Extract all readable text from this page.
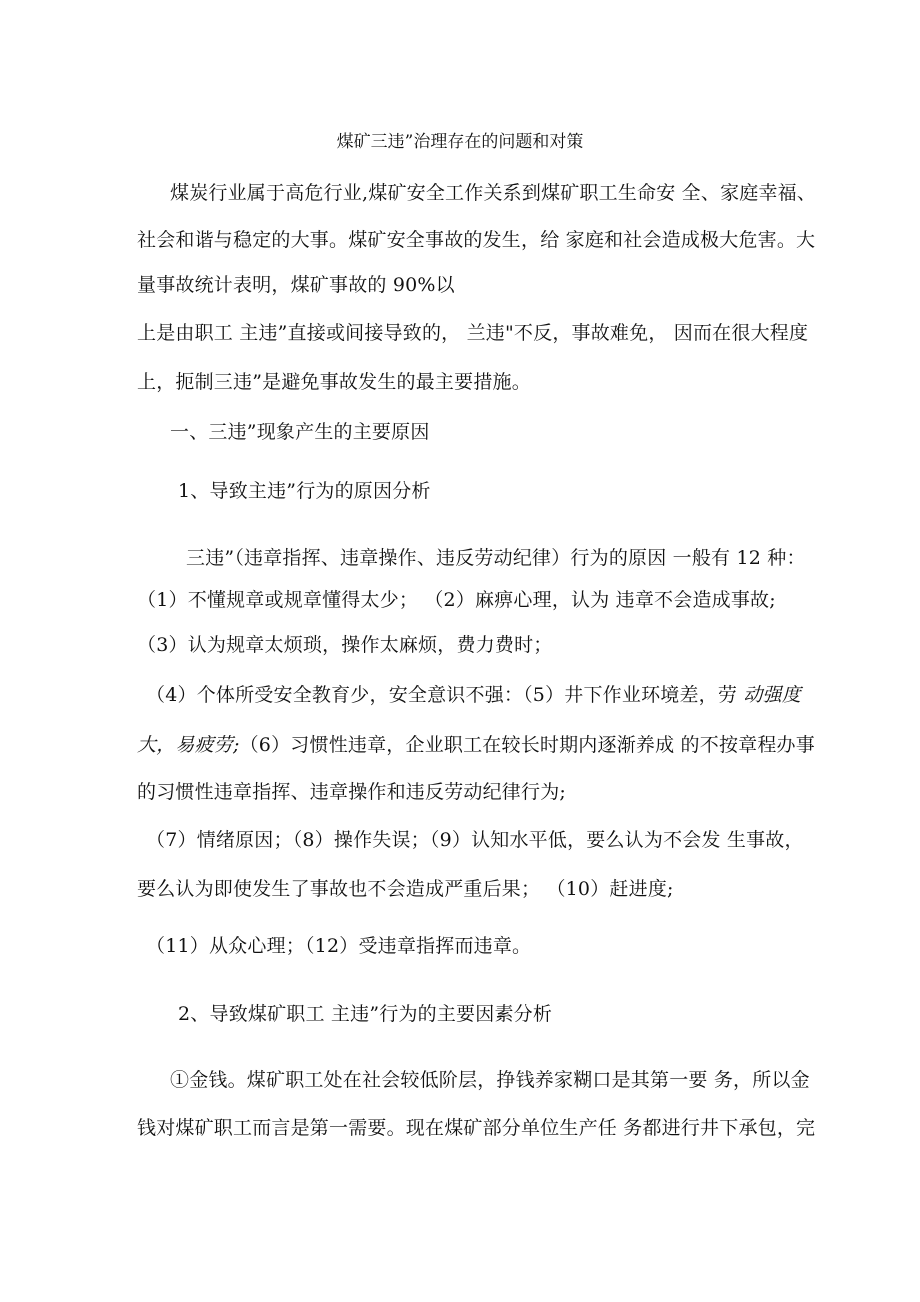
煤矿三违”治理存在的问题和对策
煤炭行业属于高危行业,煤矿安全工作关系到煤矿职工生命安 全、家庭幸福、
社会和谐与稳定的大事。煤矿安全事故的发生，给 家庭和社会造成极大危害。大
量事故统计表明，煤矿事故的 90%以
上是由职工 主违”直接或间接导致的， 兰违"不反，事故难免， 因而在很大程度
上，扼制三违”是避免事故发生的最主要措施。
一、三违”现象产生的主要原因
1、导致主违”行为的原因分析
三违”（违章指挥、违章操作、违反劳动纪律）行为的原因 一般有 12 种：
（1）不懂规章或规章懂得太少； （2）麻痹心理，认为 违章不会造成事故;
（3）认为规章太烦琐，操作太麻烦，费力费时；
（4）个体所受安全教育少，安全意识不强：（5）井下作业环境差，劳 动强度
大，易疲劳;（6）习惯性违章，企业职工在较长时期内逐渐养成 的不按章程办事
的习惯性违章指挥、违章操作和违反劳动纪律行为;
（7）情绪原因；（8）操作失误；（9）认知水平低，要么认为不会发 生事故，
要么认为即使发生了事故也不会造成严重后果； （10）赶进度;
（11）从众心理；（12）受违章指挥而违章。
2、导致煤矿职工 主违”行为的主要因素分析
①金钱。煤矿职工处在社会较低阶层，挣钱养家糊口是其第一要 务，所以金
钱对煤矿职工而言是第一需要。现在煤矿部分单位生产任 务都进行井下承包，完
